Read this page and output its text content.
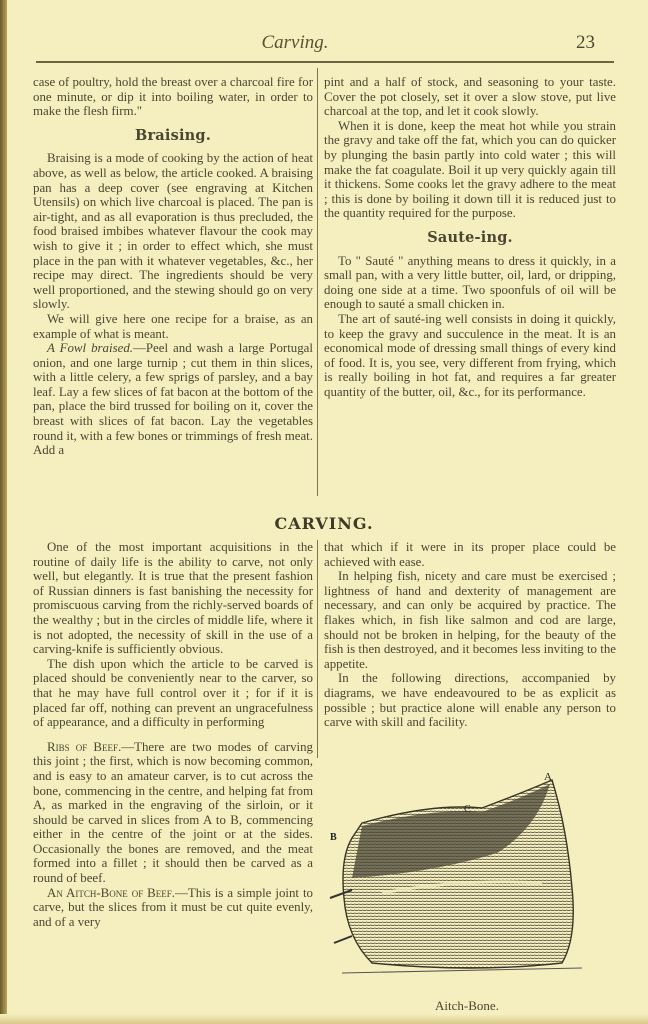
Carving.	23

case of poultry, hold the breast over a charcoal fire for one minute, or dip it into boiling water, in order to make the flesh firm."

Braising.

Braising is a mode of cooking by the action of heat above, as well as below, the article cooked. A braising pan has a deep cover (see engraving at Kitchen Utensils) on which live charcoal is placed. The pan is air-tight, and as all evaporation is thus precluded, the food braised imbibes whatever flavour the cook may wish to give it ; in order to effect which, she must place in the pan with it whatever vegetables, &c., her recipe may direct. The ingredients should be very well proportioned, and the stewing should go on very slowly.

We will give here one recipe for a braise, as an example of what is meant.

A Fowl braised.—Peel and wash a large Portugal onion, and one large turnip ; cut them in thin slices, with a little celery, a few sprigs of parsley, and a bay leaf. Lay a few slices of fat bacon at the bottom of the pan, place the bird trussed for boiling on it, cover the breast with slices of fat bacon. Lay the vegetables round it, with a few bones or trimmings of fresh meat. Add a

pint and a half of stock, and seasoning to your taste. Cover the pot closely, set it over a slow stove, put live charcoal at the top, and let it cook slowly.

When it is done, keep the meat hot while you strain the gravy and take off the fat, which you can do quicker by plunging the basin partly into cold water ; this will make the fat coagulate. Boil it up very quickly again till it thickens. Some cooks let the gravy adhere to the meat ; this is done by boiling it down till it is reduced just to the quantity required for the purpose.

Saute-ing.

To " Sauté " anything means to dress it quickly, in a small pan, with a very little butter, oil, lard, or dripping, doing one side at a time. Two spoonfuls of oil will be enough to sauté a small chicken in.

The art of sauté-ing well consists in doing it quickly, to keep the gravy and succulence in the meat. It is an economical mode of dressing small things of every kind of food. It is, you see, very different from frying, which is really boiling in hot fat, and requires a far greater quantity of the butter, oil, &c., for its performance.

CARVING.

One of the most important acquisitions in the routine of daily life is the ability to carve, not only well, but elegantly. It is true that the present fashion of Russian dinners is fast banishing the necessity for promiscuous carving from the richly-served boards of the wealthy ; but in the circles of middle life, where it is not adopted, the necessity of skill in the use of a carving-knife is sufficiently obvious.

The dish upon which the article to be carved is placed should be conveniently near to the carver, so that he may have full control over it ; for if it is placed far off, nothing can prevent an ungracefulness of appearance, and a difficulty in performing

Ribs of Beef.—There are two modes of carving this joint ; the first, which is now becoming common, and is easy to an amateur carver, is to cut across the bone, commencing in the centre, and helping fat from A, as marked in the engraving of the sirloin, or it should be carved in slices from A to B, commencing either in the centre of the joint or at the sides. Occasionally the bones are removed, and the meat formed into a fillet ; it should then be carved as a round of beef.

An Aitch-Bone of Beef.—This is a simple joint to carve, but the slices from it must be cut quite evenly, and of a very

that which if it were in its proper place could be achieved with ease.

In helping fish, nicety and care must be exercised ; lightness of hand and dexterity of management are necessary, and can only be acquired by practice. The flakes which, in fish like salmon and cod are large, should not be broken in helping, for the beauty of the fish is then destroyed, and it becomes less inviting to the appetite.

In the following directions, accompanied by diagrams, we have endeavoured to be as explicit as possible ; but practice alone will enable any person to carve with skill and facility.

A
C
B
Aitch-Bone.
